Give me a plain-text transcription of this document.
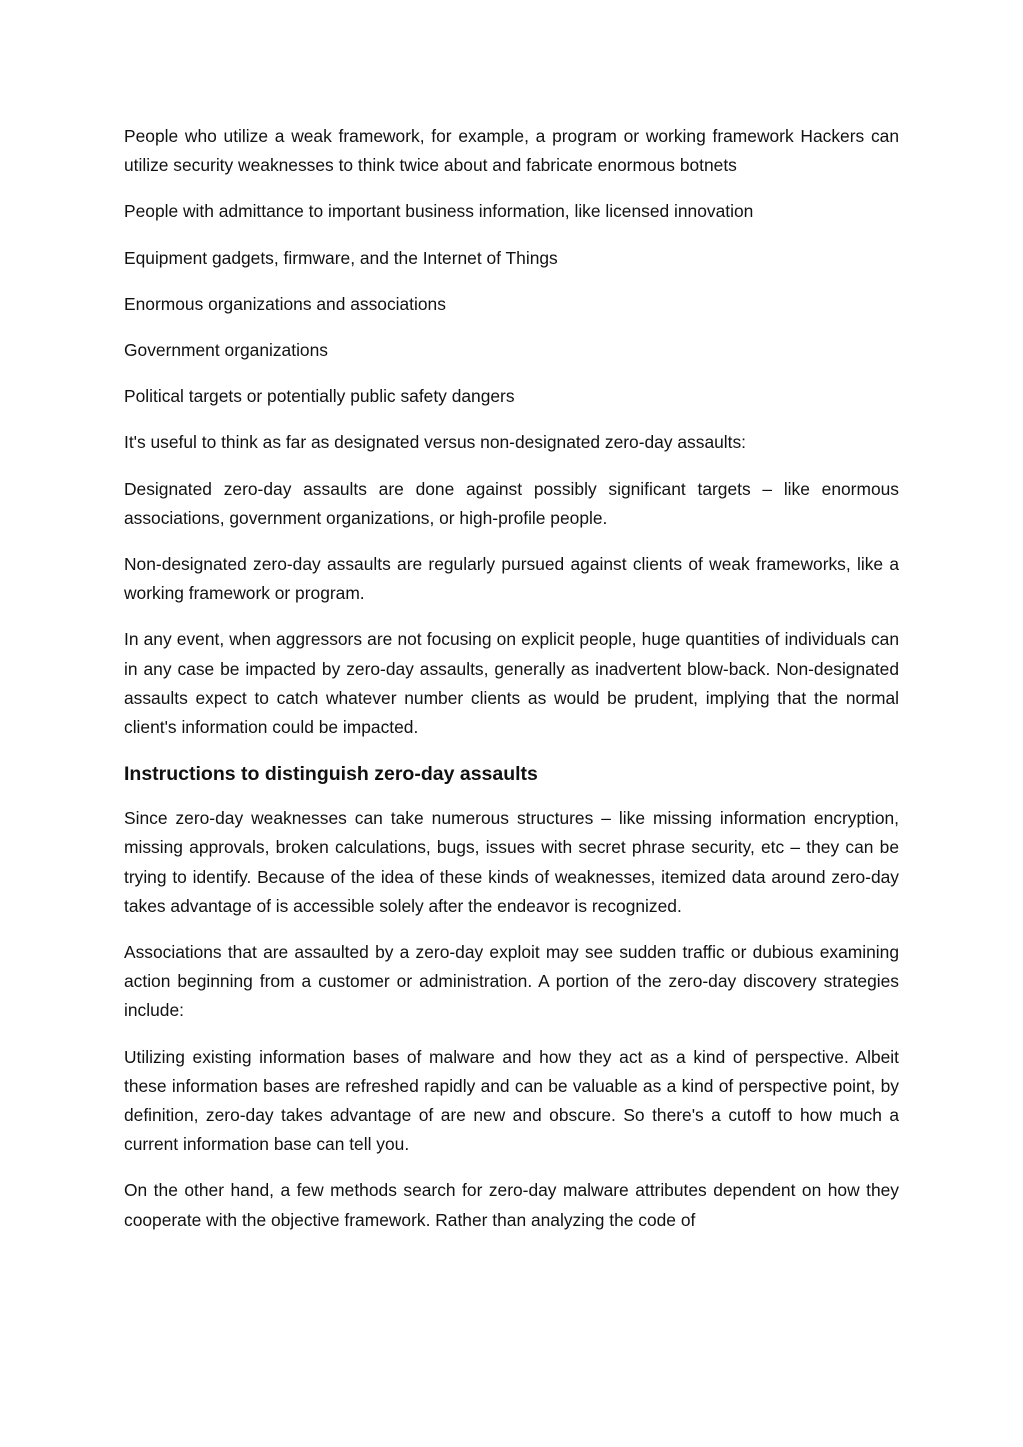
People who utilize a weak framework, for example, a program or working framework Hackers can utilize security weaknesses to think twice about and fabricate enormous botnets

People with admittance to important business information, like licensed innovation

Equipment gadgets, firmware, and the Internet of Things

Enormous organizations and associations

Government organizations

Political targets or potentially public safety dangers

It's useful to think as far as designated versus non-designated zero-day assaults:

Designated zero-day assaults are done against possibly significant targets – like enormous associations, government organizations, or high-profile people.

Non-designated zero-day assaults are regularly pursued against clients of weak frameworks, like a working framework or program.

In any event, when aggressors are not focusing on explicit people, huge quantities of individuals can in any case be impacted by zero-day assaults, generally as inadvertent blow-back. Non-designated assaults expect to catch whatever number clients as would be prudent, implying that the normal client's information could be impacted.

Instructions to distinguish zero-day assaults

Since zero-day weaknesses can take numerous structures – like missing information encryption, missing approvals, broken calculations, bugs, issues with secret phrase security, etc – they can be trying to identify. Because of the idea of these kinds of weaknesses, itemized data around zero-day takes advantage of is accessible solely after the endeavor is recognized.

Associations that are assaulted by a zero-day exploit may see sudden traffic or dubious examining action beginning from a customer or administration. A portion of the zero-day discovery strategies include:

Utilizing existing information bases of malware and how they act as a kind of perspective. Albeit these information bases are refreshed rapidly and can be valuable as a kind of perspective point, by definition, zero-day takes advantage of are new and obscure. So there's a cutoff to how much a current information base can tell you.

On the other hand, a few methods search for zero-day malware attributes dependent on how they cooperate with the objective framework. Rather than analyzing the code of
